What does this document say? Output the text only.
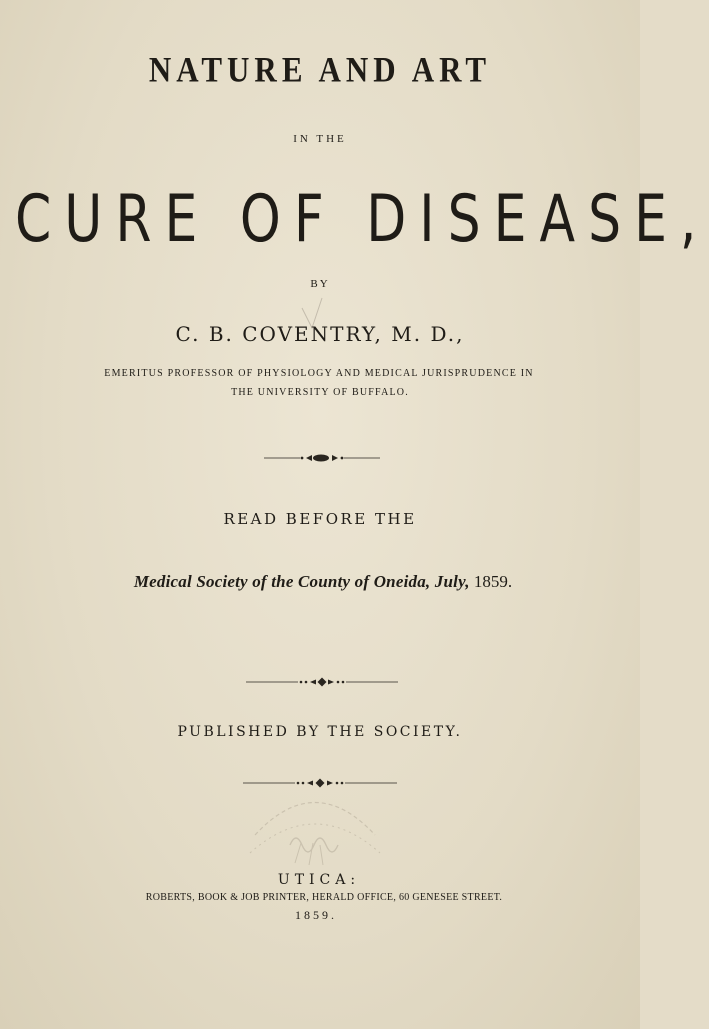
NATURE AND ART
IN THE
CURE OF DISEASE,
BY
C. B. COVENTRY, M. D.,
EMERITUS PROFESSOR OF PHYSIOLOGY AND MEDICAL JURISPRUDENCE IN
THE UNIVERSITY OF BUFFALO.
READ BEFORE THE
Medical Society of the County of Oneida, July, 1859.
PUBLISHED BY THE SOCIETY.
UTICA:
ROBERTS, BOOK & JOB PRINTER, HERALD OFFICE, 60 GENESEE STREET.
1859.
